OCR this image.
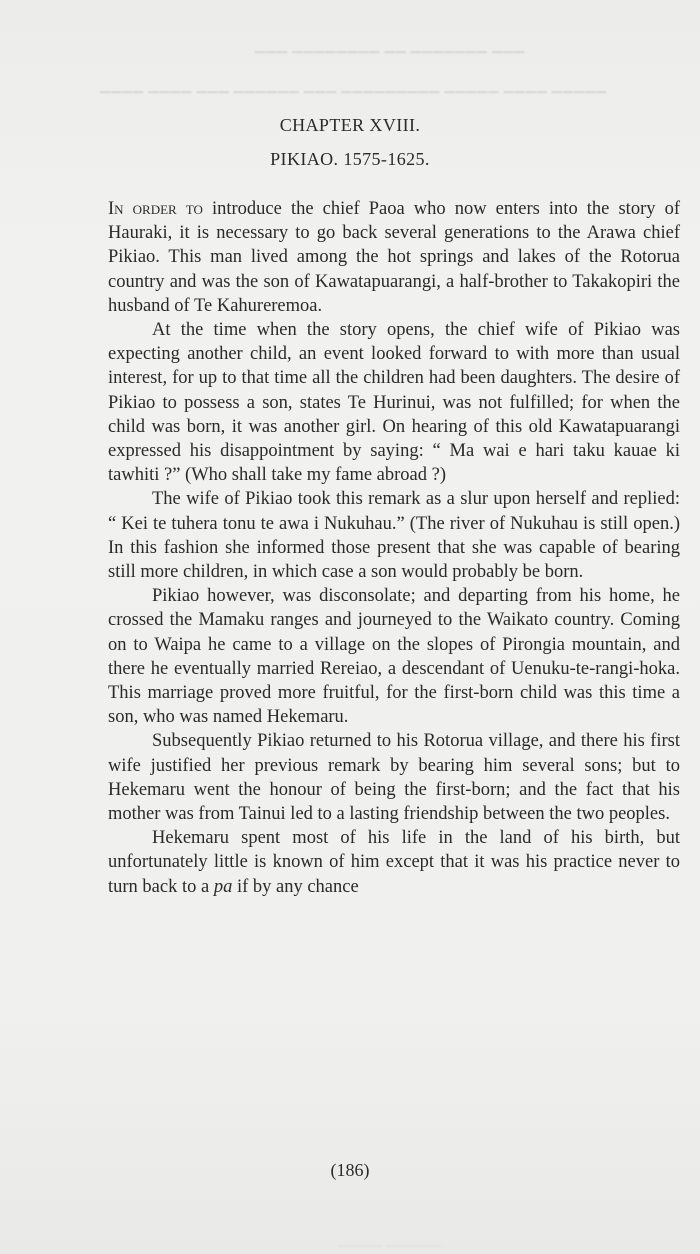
▁▁▁ ▁▁▁▁▁▁▁▁ ▁▁ ▁▁▁▁▁▁▁ ▁▁▁
▁▁▁▁ ▁▁▁▁ ▁▁▁ ▁▁▁▁▁▁ ▁▁▁ ▁▁▁▁▁▁▁▁▁ ▁▁▁▁▁ ▁▁▁▁ ▁▁▁▁▁
CHAPTER XVIII.
PIKIAO. 1575-1625.

In order to introduce the chief Paoa who now enters into the story of Hauraki, it is necessary to go back several generations to the Arawa chief Pikiao. This man lived among the hot springs and lakes of the Rotorua country and was the son of Kawatapuarangi, a half-brother to Takakopiri the husband of Te Kahureremoa.

At the time when the story opens, the chief wife of Pikiao was expecting another child, an event looked forward to with more than usual interest, for up to that time all the children had been daughters. The desire of Pikiao to possess a son, states Te Hurinui, was not fulfilled; for when the child was born, it was another girl. On hearing of this old Kawatapuarangi expressed his disappointment by saying: “ Ma wai e hari taku kauae ki tawhiti ?” (Who shall take my fame abroad ?)

The wife of Pikiao took this remark as a slur upon herself and replied: “ Kei te tuhera tonu te awa i Nukuhau.” (The river of Nukuhau is still open.) In this fashion she informed those present that she was capable of bearing still more children, in which case a son would probably be born.

Pikiao however, was disconsolate; and departing from his home, he crossed the Mamaku ranges and journeyed to the Waikato country. Coming on to Waipa he came to a village on the slopes of Pirongia mountain, and there he eventually married Rereiao, a descendant of Uenuku-te-rangi-hoka. This marriage proved more fruitful, for the first-born child was this time a son, who was named Hekemaru.

Subsequently Pikiao returned to his Rotorua village, and there his first wife justified her previous remark by bearing him several sons; but to Hekemaru went the honour of being the first-born; and the fact that his mother was from Tainui led to a lasting friendship between the two peoples.

Hekemaru spent most of his life in the land of his birth, but unfortunately little is known of him except that it was his practice never to turn back to a pa if by any chance

(186)
▁▁▁▁ ▁▁▁▁▁
